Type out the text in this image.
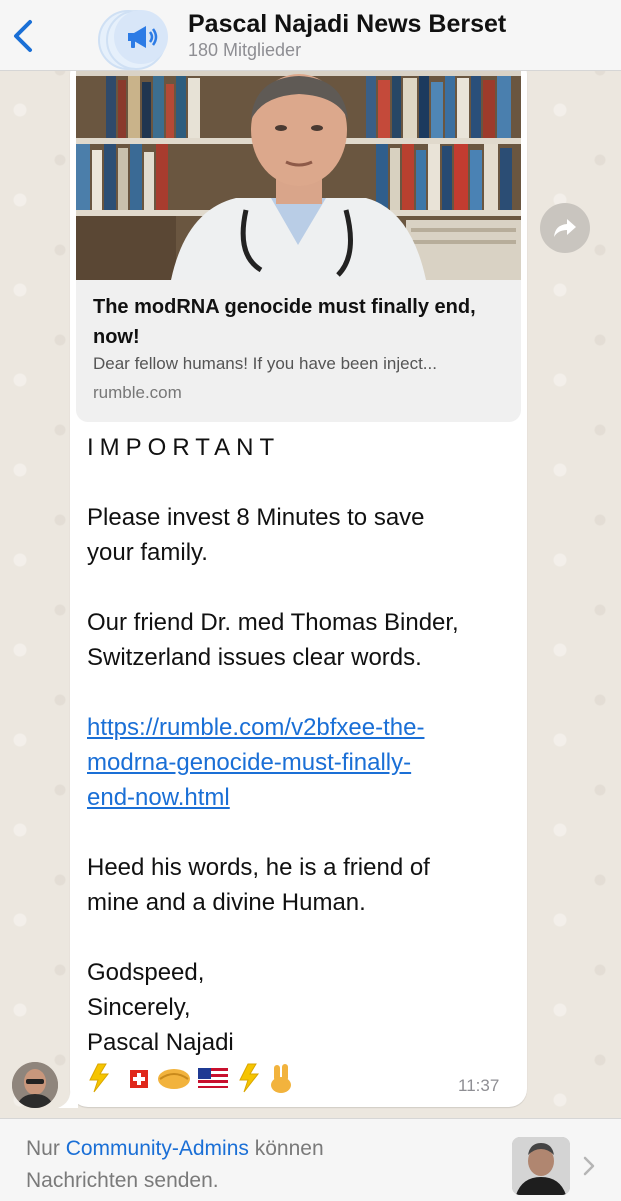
Pascal Najadi News Berset
180 Mitglieder
The modRNA genocide must finally end, now!
Dear fellow humans! If you have been inject...
rumble.com
IMPORTANT
Please invest 8 Minutes to save
your family.
Our friend Dr. med Thomas Binder,
Switzerland issues clear words.
https://rumble.com/v2bfxee-the-
modrna-genocide-must-finally-
end-now.html
Heed his words, he is a friend of
mine and a divine Human.
Godspeed,
Sincerely,
Pascal Najadi
11:37
Nur Community-Admins können
Nachrichten senden.
